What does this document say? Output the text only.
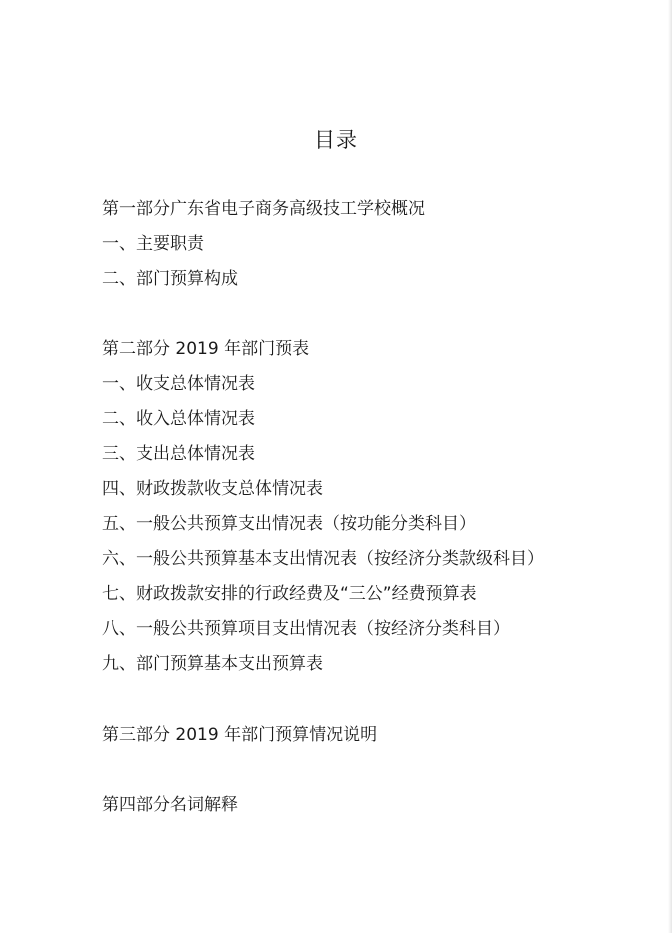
目录

第一部分广东省电子商务高级技工学校概况

一、主要职责

二、部门预算构成

第二部分 2019 年部门预表

一、收支总体情况表

二、收入总体情况表

三、支出总体情况表

四、财政拨款收支总体情况表

五、一般公共预算支出情况表（按功能分类科目）

六、一般公共预算基本支出情况表（按经济分类款级科目）

七、财政拨款安排的行政经费及“三公”经费预算表

八、一般公共预算项目支出情况表（按经济分类科目）

九、部门预算基本支出预算表

第三部分 2019 年部门预算情况说明

第四部分名词解释
